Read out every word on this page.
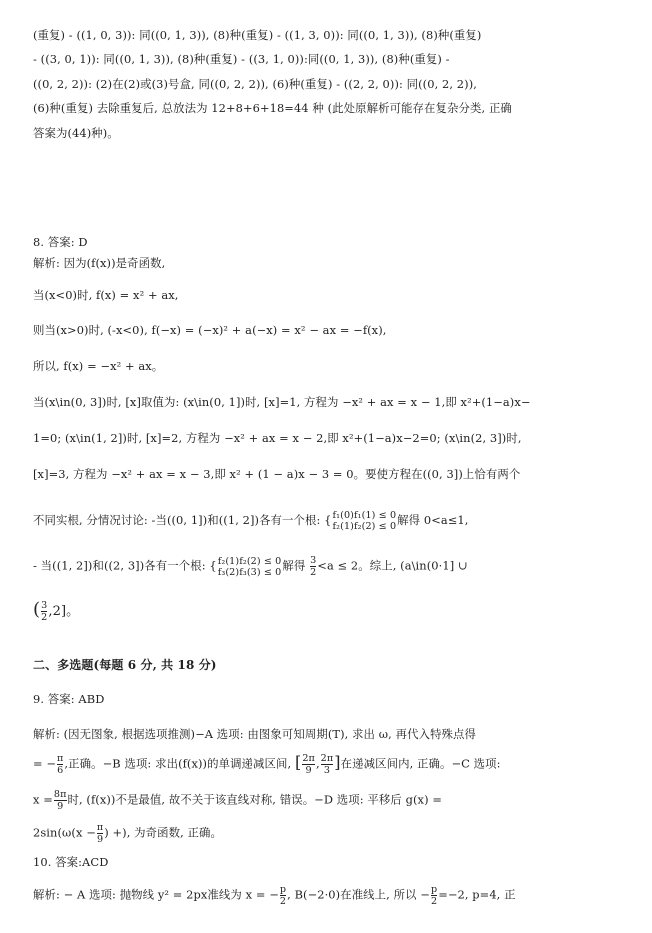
(重复) - ((1, 0, 3)): 同((0, 1, 3)), (8)种(重复) - ((1, 3, 0)): 同((0, 1, 3)), (8)种(重复)
- ((3, 0, 1)): 同((0, 1, 3)), (8)种(重复) - ((3, 1, 0)):同((0, 1, 3)), (8)种(重复) -
((0, 2, 2)): (2)在(2)或(3)号盒, 同((0, 2, 2)), (6)种(重复) - ((2, 2, 0)): 同((0, 2, 2)),
(6)种(重复) 去除重复后, 总放法为 12+8+6+18=44 种 (此处原解析可能存在复杂分类, 正确
答案为(44)种)。
8. 答案: D
解析: 因为(f(x))是奇函数,
当(x<0)时, f(x) = x² + ax,
则当(x>0)时, (-x<0), f(−x) = (−x)² + a(−x) = x² − ax = −f(x),
所以, f(x) = −x² + ax。
当(x\in(0, 3])时, [x]取值为: (x\in(0, 1])时, [x]=1, 方程为 −x² + ax = x − 1,即 x²+(1−a)x−
1=0; (x\in(1, 2])时, [x]=2, 方程为 −x² + ax = x − 2,即 x²+(1−a)x−2=0; (x\in(2, 3])时,
[x]=3, 方程为 −x² + ax = x − 3,即 x² + (1 − a)x − 3 = 0。要使方程在((0, 3])上恰有两个
不同实根, 分情况讨论: -当((0, 1])和((1, 2])各有一个根: { f₁(0)f₁(1) ≤ 0
f₂(1)f₂(2) ≤ 0 解得 0<a≤1,
- 当((1, 2])和((2, 3])各有一个根: { f₂(1)f₂(2) ≤ 0
f₃(2)f₃(3) ≤ 0 解得 $\frac{3}{2} <a \le 2$。综上, (a\in(0·1] ∪
( $\frac{3}{2} ,2$]。
二、多选题(每题 6 分, 共 18 分)
9. 答案: ABD
解析: (因无图象, 根据选项推测)−A 选项: 由图象可知周期(T), 求出 ω, 再代入特殊点得
= − $\frac{\pi}{6}$ ,正确。−B 选项: 求出(f(x))的单调递减区间, [ $\frac{2\pi}{9}$ , $\frac{2\pi}{3}$ ]在递减区间内, 正确。−C 选项:
$x = \frac{8\pi}{9}$ 时, (f(x))不是最值, 故不关于该直线对称, 错误。−D 选项: 平移后 g(x) =
$2\sin(\omega(x - \frac{\pi}{9}$ ) +), 为奇函数, 正确。
10. 答案:ACD
解析: − A 选项: 抛物线 y² = 2px准线为 x = − $\frac{p}{2}$ , B(−2·0)在准线上, 所以 − $\frac{p}{2} =-2$, p=4, 正
